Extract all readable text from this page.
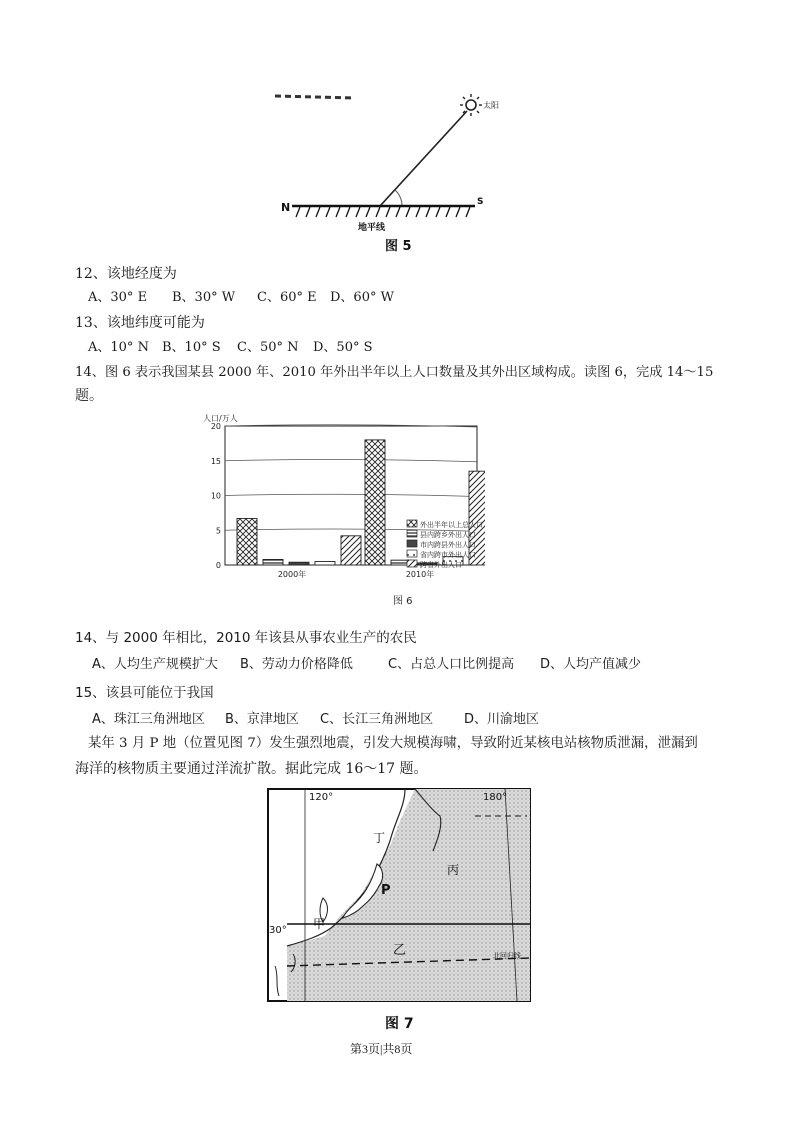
太阳
N	S
地平线
图 5
12、该地经度为
A、30° E B、30° W C、60° E D、60° W
13、该地纬度可能为
A、10° N B、10° S C、50° N D、50° S
14、图 6 表示我国某县 2000 年、2010 年外出半年以上人口数量及其外出区域构成。读图 6，完成 14～15
题。
人口/万人
0
5
10
15
20
外出半年以上总人口
县内跨乡外出人口
市内跨县外出人口
省内跨市外出人口
跨省外出人口
2000年	2010年
图 6
14、与 2000 年相比，2010 年该县从事农业生产的农民
A、人均生产规模扩大 B、劳动力价格降低	C、占总人口比例提高 D、人均产值减少
15、该县可能位于我国
A、珠江三角洲地区 B、京津地区 C、长江三角洲地区 D、川渝地区
某年 3 月 P 地（位置见图 7）发生强烈地震，引发大规模海啸，导致附近某核电站核物质泄漏，泄漏到
海洋的核物质主要通过洋流扩散。据此完成 16～17 题。
120°	180°
30°
丁
丙
P
甲
乙	北回归线
图 7
第3页|共8页
